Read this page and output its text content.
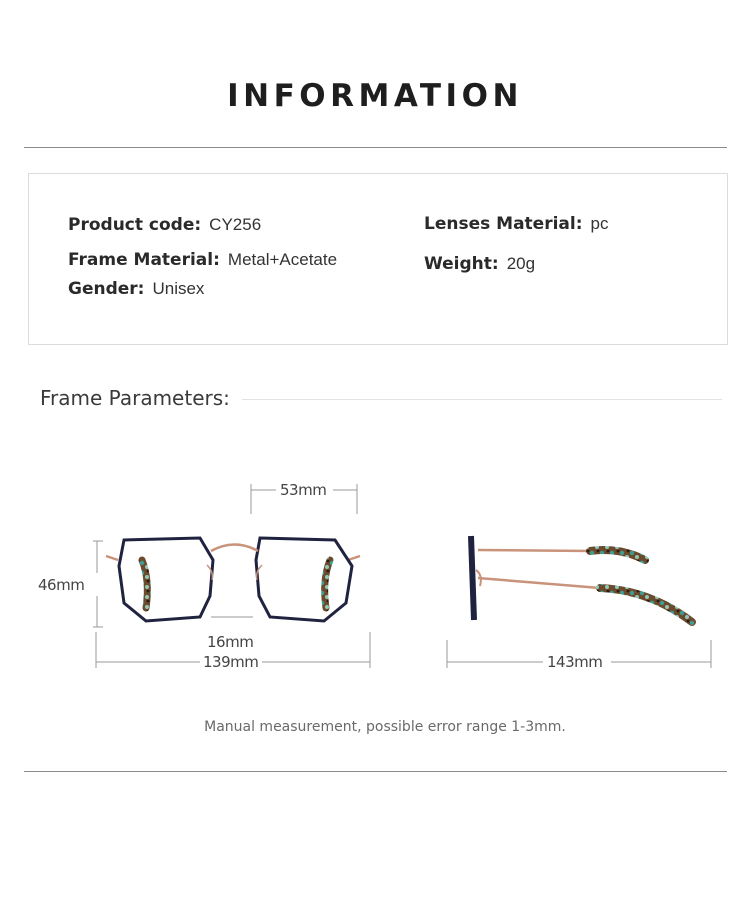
INFORMATION
Product code: CY256
Frame Material: Metal+Acetate
Gender: Unisex
Lenses Material: pc
Weight: 20g
Frame Parameters:
53mm
46mm
16mm
139mm	143mm
Manual measurement, possible error range 1-3mm.
